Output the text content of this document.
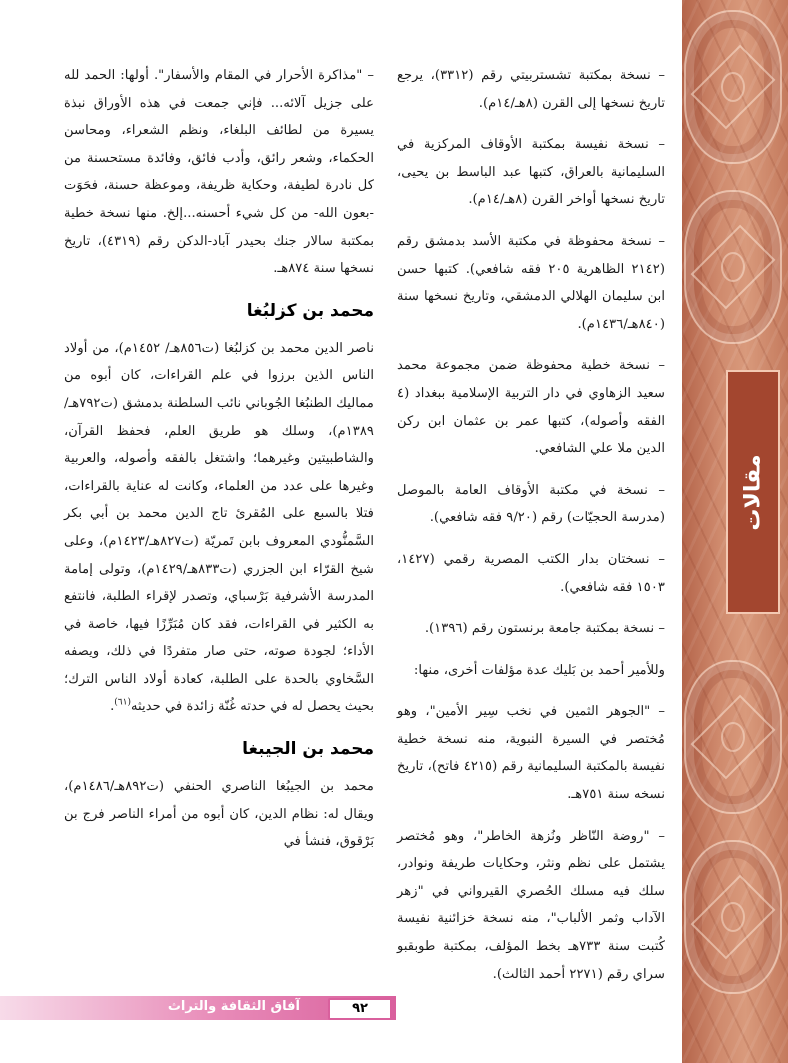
مقالات

– نسخة بمكتبة تشستربيتي رقم (٣٣١٢)، يرجع تاريخ نسخها إلى القرن (٨هـ/١٤م).

– نسخة نفيسة بمكتبة الأوقاف المركزية في السليمانية بالعراق، كتبها عبد الباسط بن يحيى، تاريخ نسخها أواخر القرن (٨هـ/١٤م).

– نسخة محفوظة في مكتبة الأسد بدمشق رقم (٢١٤٢ الظاهرية ٢٠٥ فقه شافعي). كتبها حسن ابن سليمان الهلالي الدمشقي، وتاريخ نسخها سنة (٨٤٠هـ/١٤٣٦م).

– نسخة خطية محفوظة ضمن مجموعة محمد سعيد الزهاوي في دار التربية الإسلامية ببغداد (٤ الفقه وأصوله)، كتبها عمر بن عثمان ابن ركن الدين ملا علي الشافعي.

– نسخة في مكتبة الأوقاف العامة بالموصل (مدرسة الحجيّات) رقم (٩/٢٠ فقه شافعي).

– نسختان بدار الكتب المصرية رقمي (١٤٢٧، ١٥٠٣ فقه شافعي).

– نسخة بمكتبة جامعة برنستون رقم (١٣٩٦).

وللأمير أحمد بن بَليك عدة مؤلفات أخرى، منها:

– "الجوهر الثمين في نخب سِير الأمين"، وهو مُختصر في السيرة النبوية، منه نسخة خطية نفيسة بالمكتبة السليمانية رقم (٤٢١٥ فاتح)، تاريخ نسخه سنة ٧٥١هـ.

– "روضة النّاظر ونُزهة الخاطر"، وهو مُختصر يشتمل على نظم ونثر، وحكايات طريفة ونوادر، سلك فيه مسلك الحُصري القيرواني في "زهر الآداب وثمر الألباب"، منه نسخة خزائنية نفيسة كُتبت سنة ٧٣٣هـ بخط المؤلف، بمكتبة طوبقبو سراي رقم (٢٢٧١ أحمد الثالث).

– "مذاكرة الأحرار في المقام والأسفار". أولها: الحمد لله على جزيل آلائه... فإني جمعت في هذه الأوراق نبذة يسيرة من لطائف البلغاء، ونظم الشعراء، ومحاسن الحكماء، وشعر رائق، وأدب فائق، وفائدة مستحسنة من كل نادرة لطيفة، وحكاية ظريفة، وموعظة حسنة، فحَوَت -بعون الله- من كل شيء أحسنه...إلخ. منها نسخة خطية بمكتبة سالار جنك بحيدر آباد-الدكن رقم (٤٣١٩)، تاريخ نسخها سنة ٨٧٤هـ.

محمد بن كزلبُغا

ناصر الدين محمد بن كزلبُغا (ت٨٥٦هـ/ ١٤٥٢م)، من أولاد الناس الذين برزوا في علم القراءات، كان أبوه من مماليك الطنبُغا الجُوباني نائب السلطنة بدمشق (ت٧٩٢هـ/١٣٨٩م)، وسلك هو طريق العلم، فحفظ القرآن، والشاطبيتين وغيرهما؛ واشتغل بالفقه وأصوله، والعربية وغيرها على عدد من العلماء، وكانت له عناية بالقراءات، فتلا بالسبع على المُقرئ تاج الدين محمد بن أبي بكر السَّمنُّودي المعروف بابن تَمريّة (ت٨٢٧هـ/١٤٢٣م)، وعلى شيخ القرّاء ابن الجزري (ت٨٣٣هـ/١٤٢٩م)، وتولى إمامة المدرسة الأشرفية بَرْسباي، وتصدر لإقراء الطلبة، فانتفع به الكثير في القراءات، فقد كان مُبَرِّزًا فيها، خاصة في الأداء؛ لجودة صوته، حتى صار متفردًا في ذلك، ويصفه السَّخاوي بالحدة على الطلبة، كعادة أولاد الناس الترك؛ بحيث يحصل له في حدته غُنّة زائدة في حديثه$^{(٦١)}$.

محمد بن الجيبغا

محمد بن الجيبُغا الناصري الحنفي (ت٨٩٢هـ/١٤٨٦م)، ويقال له: نظام الدين، كان أبوه من أمراء الناصر فرج بن بَرْقوق، فنشأ في

آفاق الثقافة والتراث	٩٢
